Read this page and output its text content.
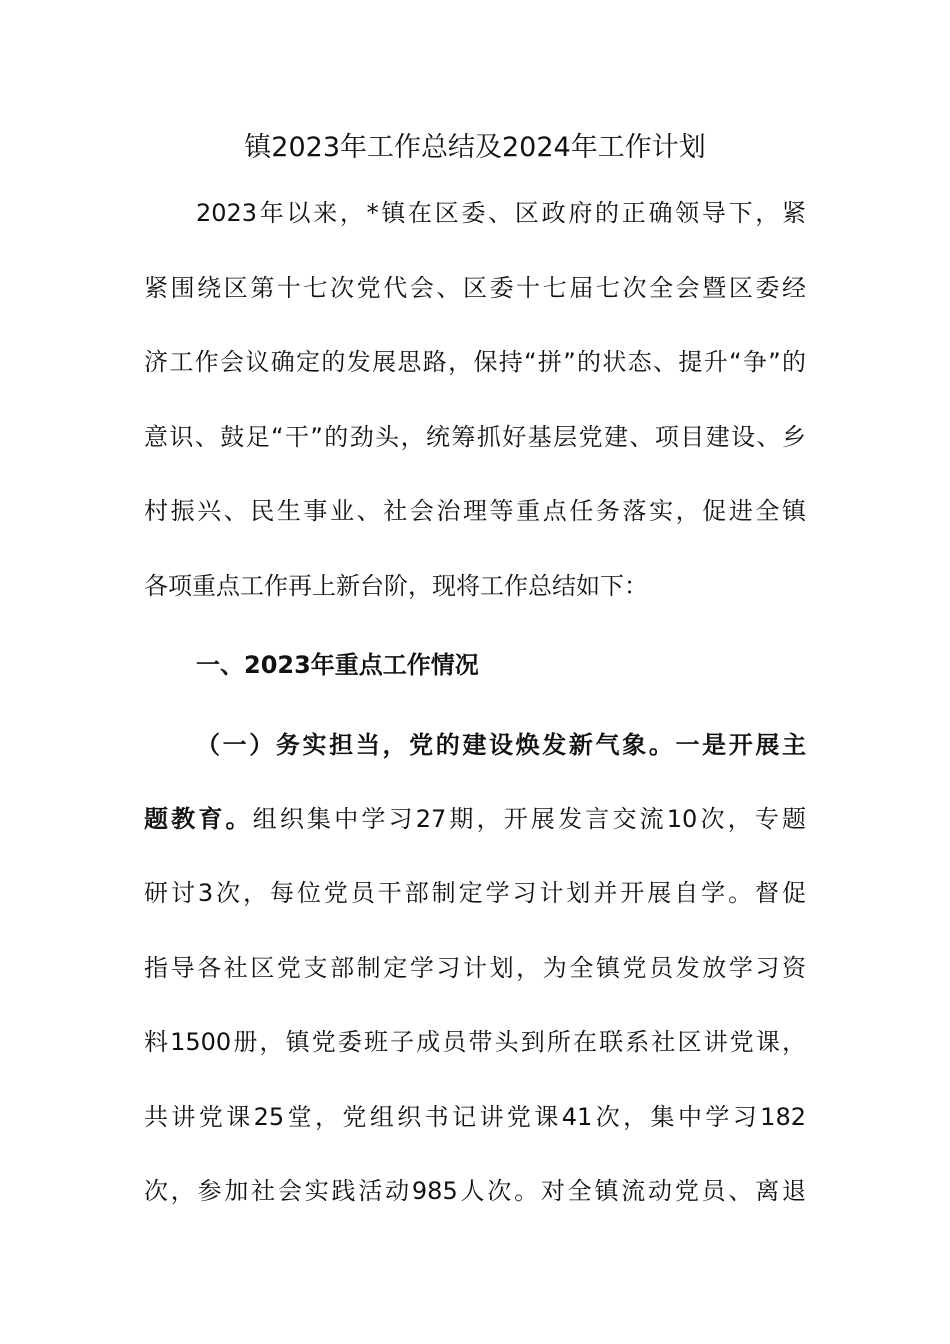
镇2023年工作总结及2024年工作计划
2023年以来，*镇在区委、区政府的正确领导下，紧
紧围绕区第十七次党代会、区委十七届七次全会暨区委经
济工作会议确定的发展思路，保持“拼”的状态、提升“争”的
意识、鼓足“干”的劲头，统筹抓好基层党建、项目建设、乡
村振兴、民生事业、社会治理等重点任务落实，促进全镇
各项重点工作再上新台阶，现将工作总结如下：
一、2023年重点工作情况
（一）务实担当，党的建设焕发新气象。一是开展主
题教育。组织集中学习27期，开展发言交流10次，专题
研讨3次，每位党员干部制定学习计划并开展自学。督促
指导各社区党支部制定学习计划，为全镇党员发放学习资
料1500册，镇党委班子成员带头到所在联系社区讲党课，
共讲党课25堂，党组织书记讲党课41次，集中学习182
次，参加社会实践活动985人次。对全镇流动党员、离退
